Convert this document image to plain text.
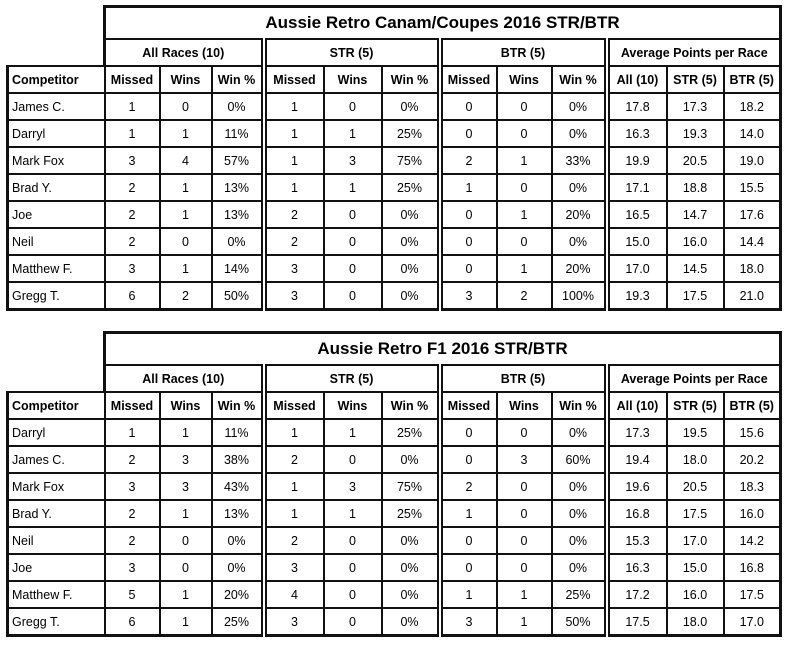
	Aussie Retro Canam/Coupes 2016 STR/BTR											
	All Races (10)			STR (5)			BTR (5)			Average Points per Race		
Competitor	Missed	Wins	Win %	Missed	Wins	Win %	Missed	Wins	Win %	All (10)	STR (5)	BTR (5)
James C.	1	0	0%	1	0	0%	0	0	0%	17.8	17.3	18.2
Darryl	1	1	11%	1	1	25%	0	0	0%	16.3	19.3	14.0
Mark Fox	3	4	57%	1	3	75%	2	1	33%	19.9	20.5	19.0
Brad Y.	2	1	13%	1	1	25%	1	0	0%	17.1	18.8	15.5
Joe	2	1	13%	2	0	0%	0	1	20%	16.5	14.7	17.6
Neil	2	0	0%	2	0	0%	0	0	0%	15.0	16.0	14.4
Matthew F.	3	1	14%	3	0	0%	0	1	20%	17.0	14.5	18.0
Gregg T.	6	2	50%	3	0	0%	3	2	100%	19.3	17.5	21.0
	Aussie Retro F1 2016 STR/BTR											
	All Races (10)			STR (5)			BTR (5)			Average Points per Race		
Competitor	Missed	Wins	Win %	Missed	Wins	Win %	Missed	Wins	Win %	All (10)	STR (5)	BTR (5)
Darryl	1	1	11%	1	1	25%	0	0	0%	17.3	19.5	15.6
James C.	2	3	38%	2	0	0%	0	3	60%	19.4	18.0	20.2
Mark Fox	3	3	43%	1	3	75%	2	0	0%	19.6	20.5	18.3
Brad Y.	2	1	13%	1	1	25%	1	0	0%	16.8	17.5	16.0
Neil	2	0	0%	2	0	0%	0	0	0%	15.3	17.0	14.2
Joe	3	0	0%	3	0	0%	0	0	0%	16.3	15.0	16.8
Matthew F.	5	1	20%	4	0	0%	1	1	25%	17.2	16.0	17.5
Gregg T.	6	1	25%	3	0	0%	3	1	50%	17.5	18.0	17.0
